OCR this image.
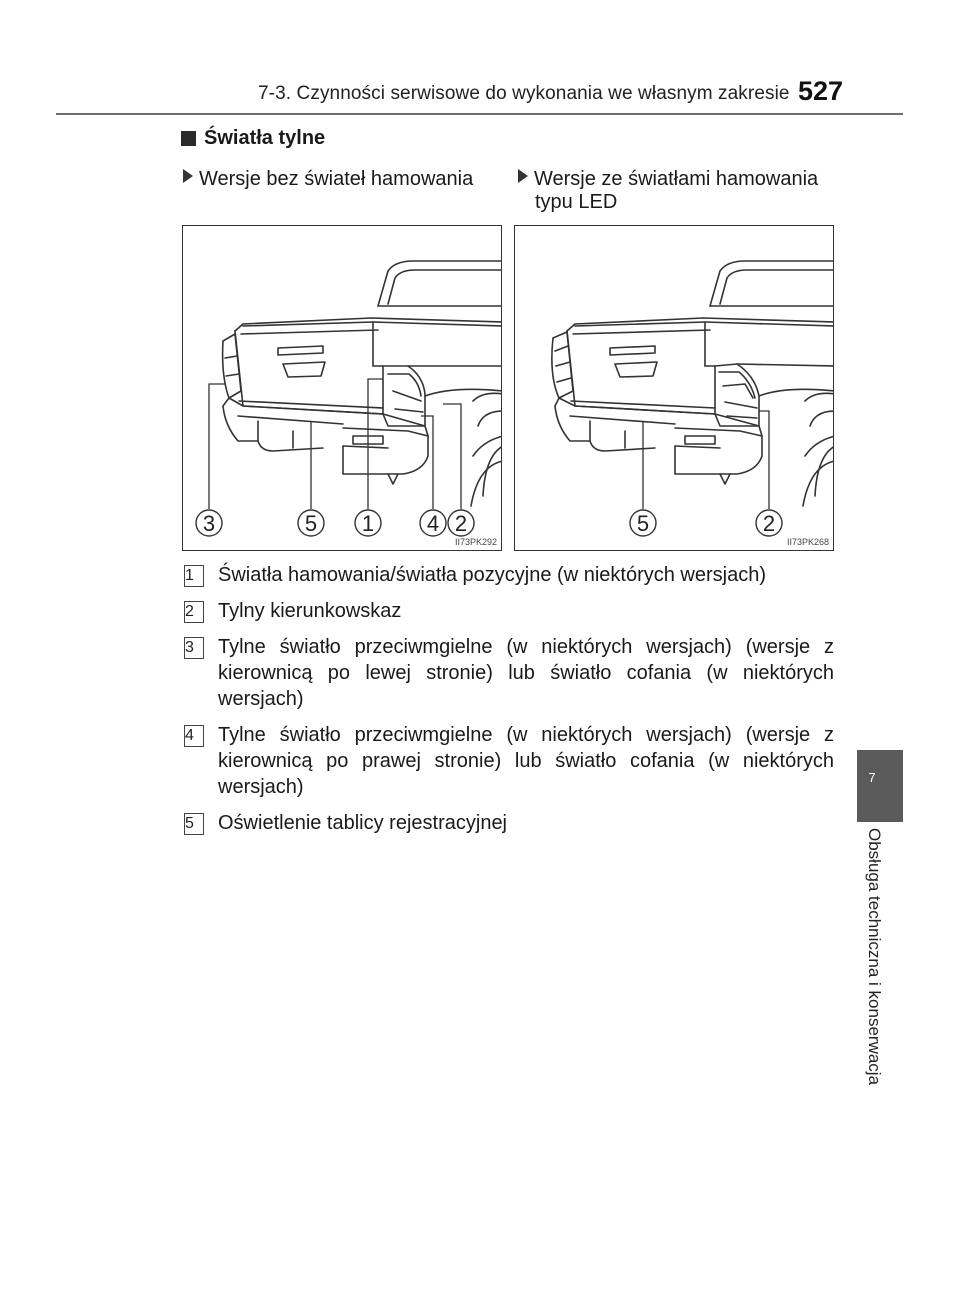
7-3. Czynności serwisowe do wykonania we własnym zakresie 527
Światła tylne
Wersje bez świateł hamowania	Wersje ze światłami hamowania
typu LED
3	5 1 4 2
II73PK292
5	2
II73PK268
1	Światła hamowania/światła pozycyjne (w niektórych wersjach)
2	Tylny kierunkowskaz
3	Tylne światło przeciwmgielne (w niektórych wersjach) (wersje z kierownicą po lewej stronie) lub światło cofania (w niektórych wersjach)
4	Tylne światło przeciwmgielne (w niektórych wersjach) (wersje z kierownicą po prawej stronie) lub światło cofania (w niektórych wersjach)
5	Oświetlenie tablicy rejestracyjnej
7
Obsługa techniczna i konserwacja
